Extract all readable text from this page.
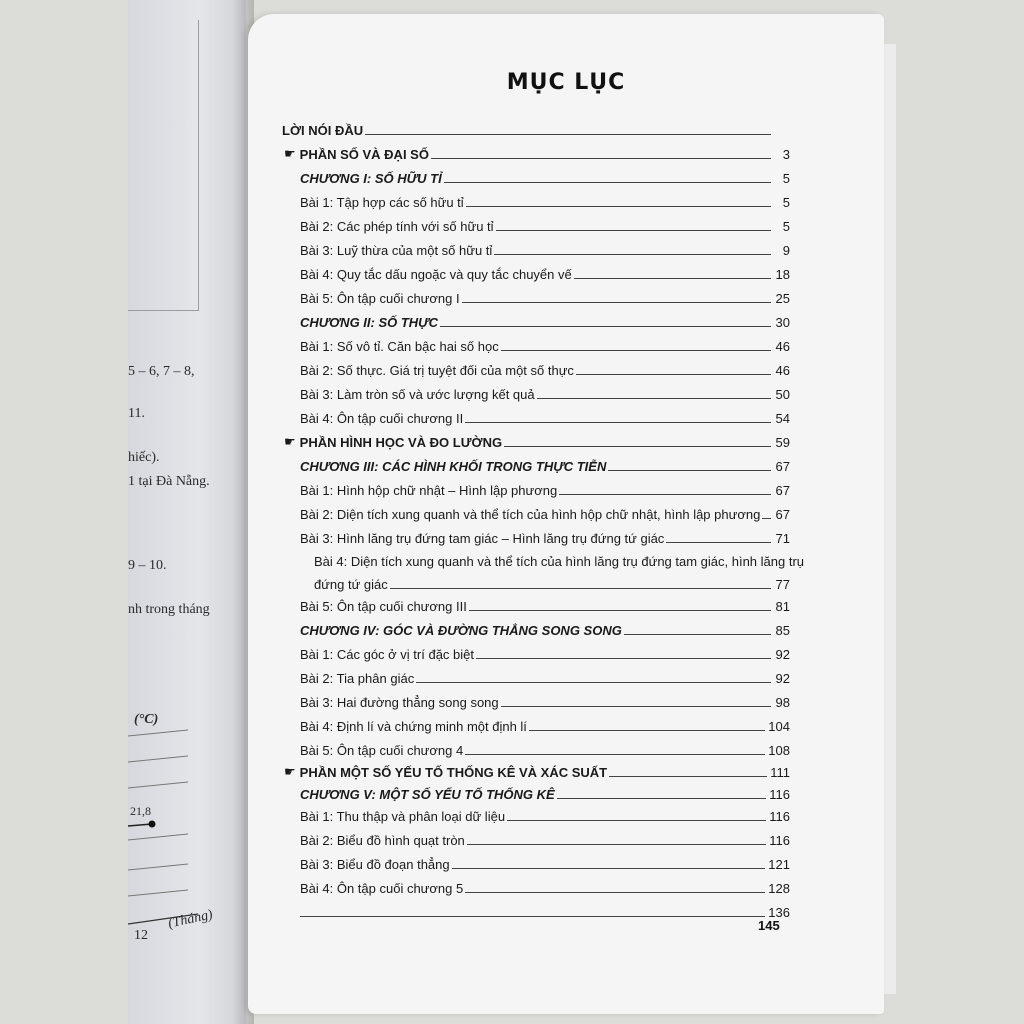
5 – 6, 7 – 8,
11.
hiếc).
1 tại Đà Nẵng.
9 – 10.
nh trong tháng
(°C)
21,8
12
(Tháng)
MỤC LỤC
LỜI NÓI ĐẦU
☛ PHẦN SỐ VÀ ĐẠI SỐ	3
CHƯƠNG I: SỐ HỮU TỈ	5
Bài 1: Tập hợp các số hữu tỉ	5
Bài 2: Các phép tính với số hữu tỉ	5
Bài 3: Luỹ thừa của một số hữu tỉ	9
Bài 4: Quy tắc dấu ngoặc và quy tắc chuyển vế	18
Bài 5: Ôn tập cuối chương I	25
CHƯƠNG II: SỐ THỰC	30
Bài 1: Số vô tỉ. Căn bậc hai số học	46
Bài 2: Số thực. Giá trị tuyệt đối của một số thực	46
Bài 3: Làm tròn số và ước lượng kết quả	50
Bài 4: Ôn tập cuối chương II	54
☛ PHẦN HÌNH HỌC VÀ ĐO LƯỜNG	59
CHƯƠNG III: CÁC HÌNH KHỐI TRONG THỰC TIỄN	67
Bài 1: Hình hộp chữ nhật – Hình lập phương	67
Bài 2: Diện tích xung quanh và thể tích của hình hộp chữ nhật, hình lập phương	67
Bài 3: Hình lăng trụ đứng tam giác – Hình lăng trụ đứng tứ giác	71
Bài 4: Diện tích xung quanh và thể tích của hình lăng trụ đứng tam giác, hình lăng trụ
đứng tứ giác	77
Bài 5: Ôn tập cuối chương III	81
CHƯƠNG IV: GÓC VÀ ĐƯỜNG THẲNG SONG SONG	85
Bài 1: Các góc ở vị trí đặc biệt	92
Bài 2: Tia phân giác	92
Bài 3: Hai đường thẳng song song	98
Bài 4: Định lí và chứng minh một định lí	104
Bài 5: Ôn tập cuối chương 4	108
☛ PHẦN MỘT SỐ YẾU TỐ THỐNG KÊ VÀ XÁC SUẤT	111
CHƯƠNG V: MỘT SỐ YẾU TỐ THỐNG KÊ	116
Bài 1: Thu thập và phân loại dữ liệu	116
Bài 2: Biểu đồ hình quạt tròn	116
Bài 3: Biểu đồ đoạn thẳng	121
Bài 4: Ôn tập cuối chương 5	128
136
145
